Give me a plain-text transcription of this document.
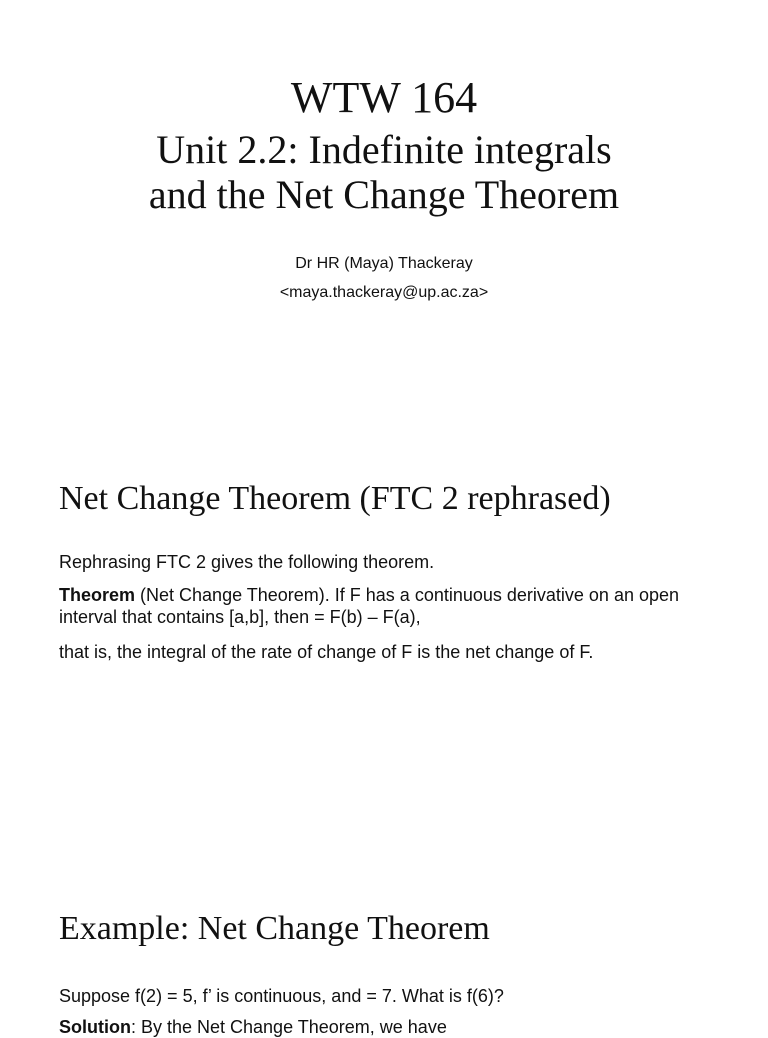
WTW 164
Unit 2.2: Indefinite integrals
and the Net Change Theorem
Dr HR (Maya) Thackeray
<maya.thackeray@up.ac.za>
Net Change Theorem (FTC 2 rephrased)

Rephrasing FTC 2 gives the following theorem.

Theorem (Net Change Theorem). If F has a continuous derivative on an open interval that contains [a,b], then = F(b) – F(a),

that is, the integral of the rate of change of F is the net change of F.

Example: Net Change Theorem

Suppose f(2) = 5, f’ is continuous, and = 7. What is f(6)?

Solution: By the Net Change Theorem, we have
